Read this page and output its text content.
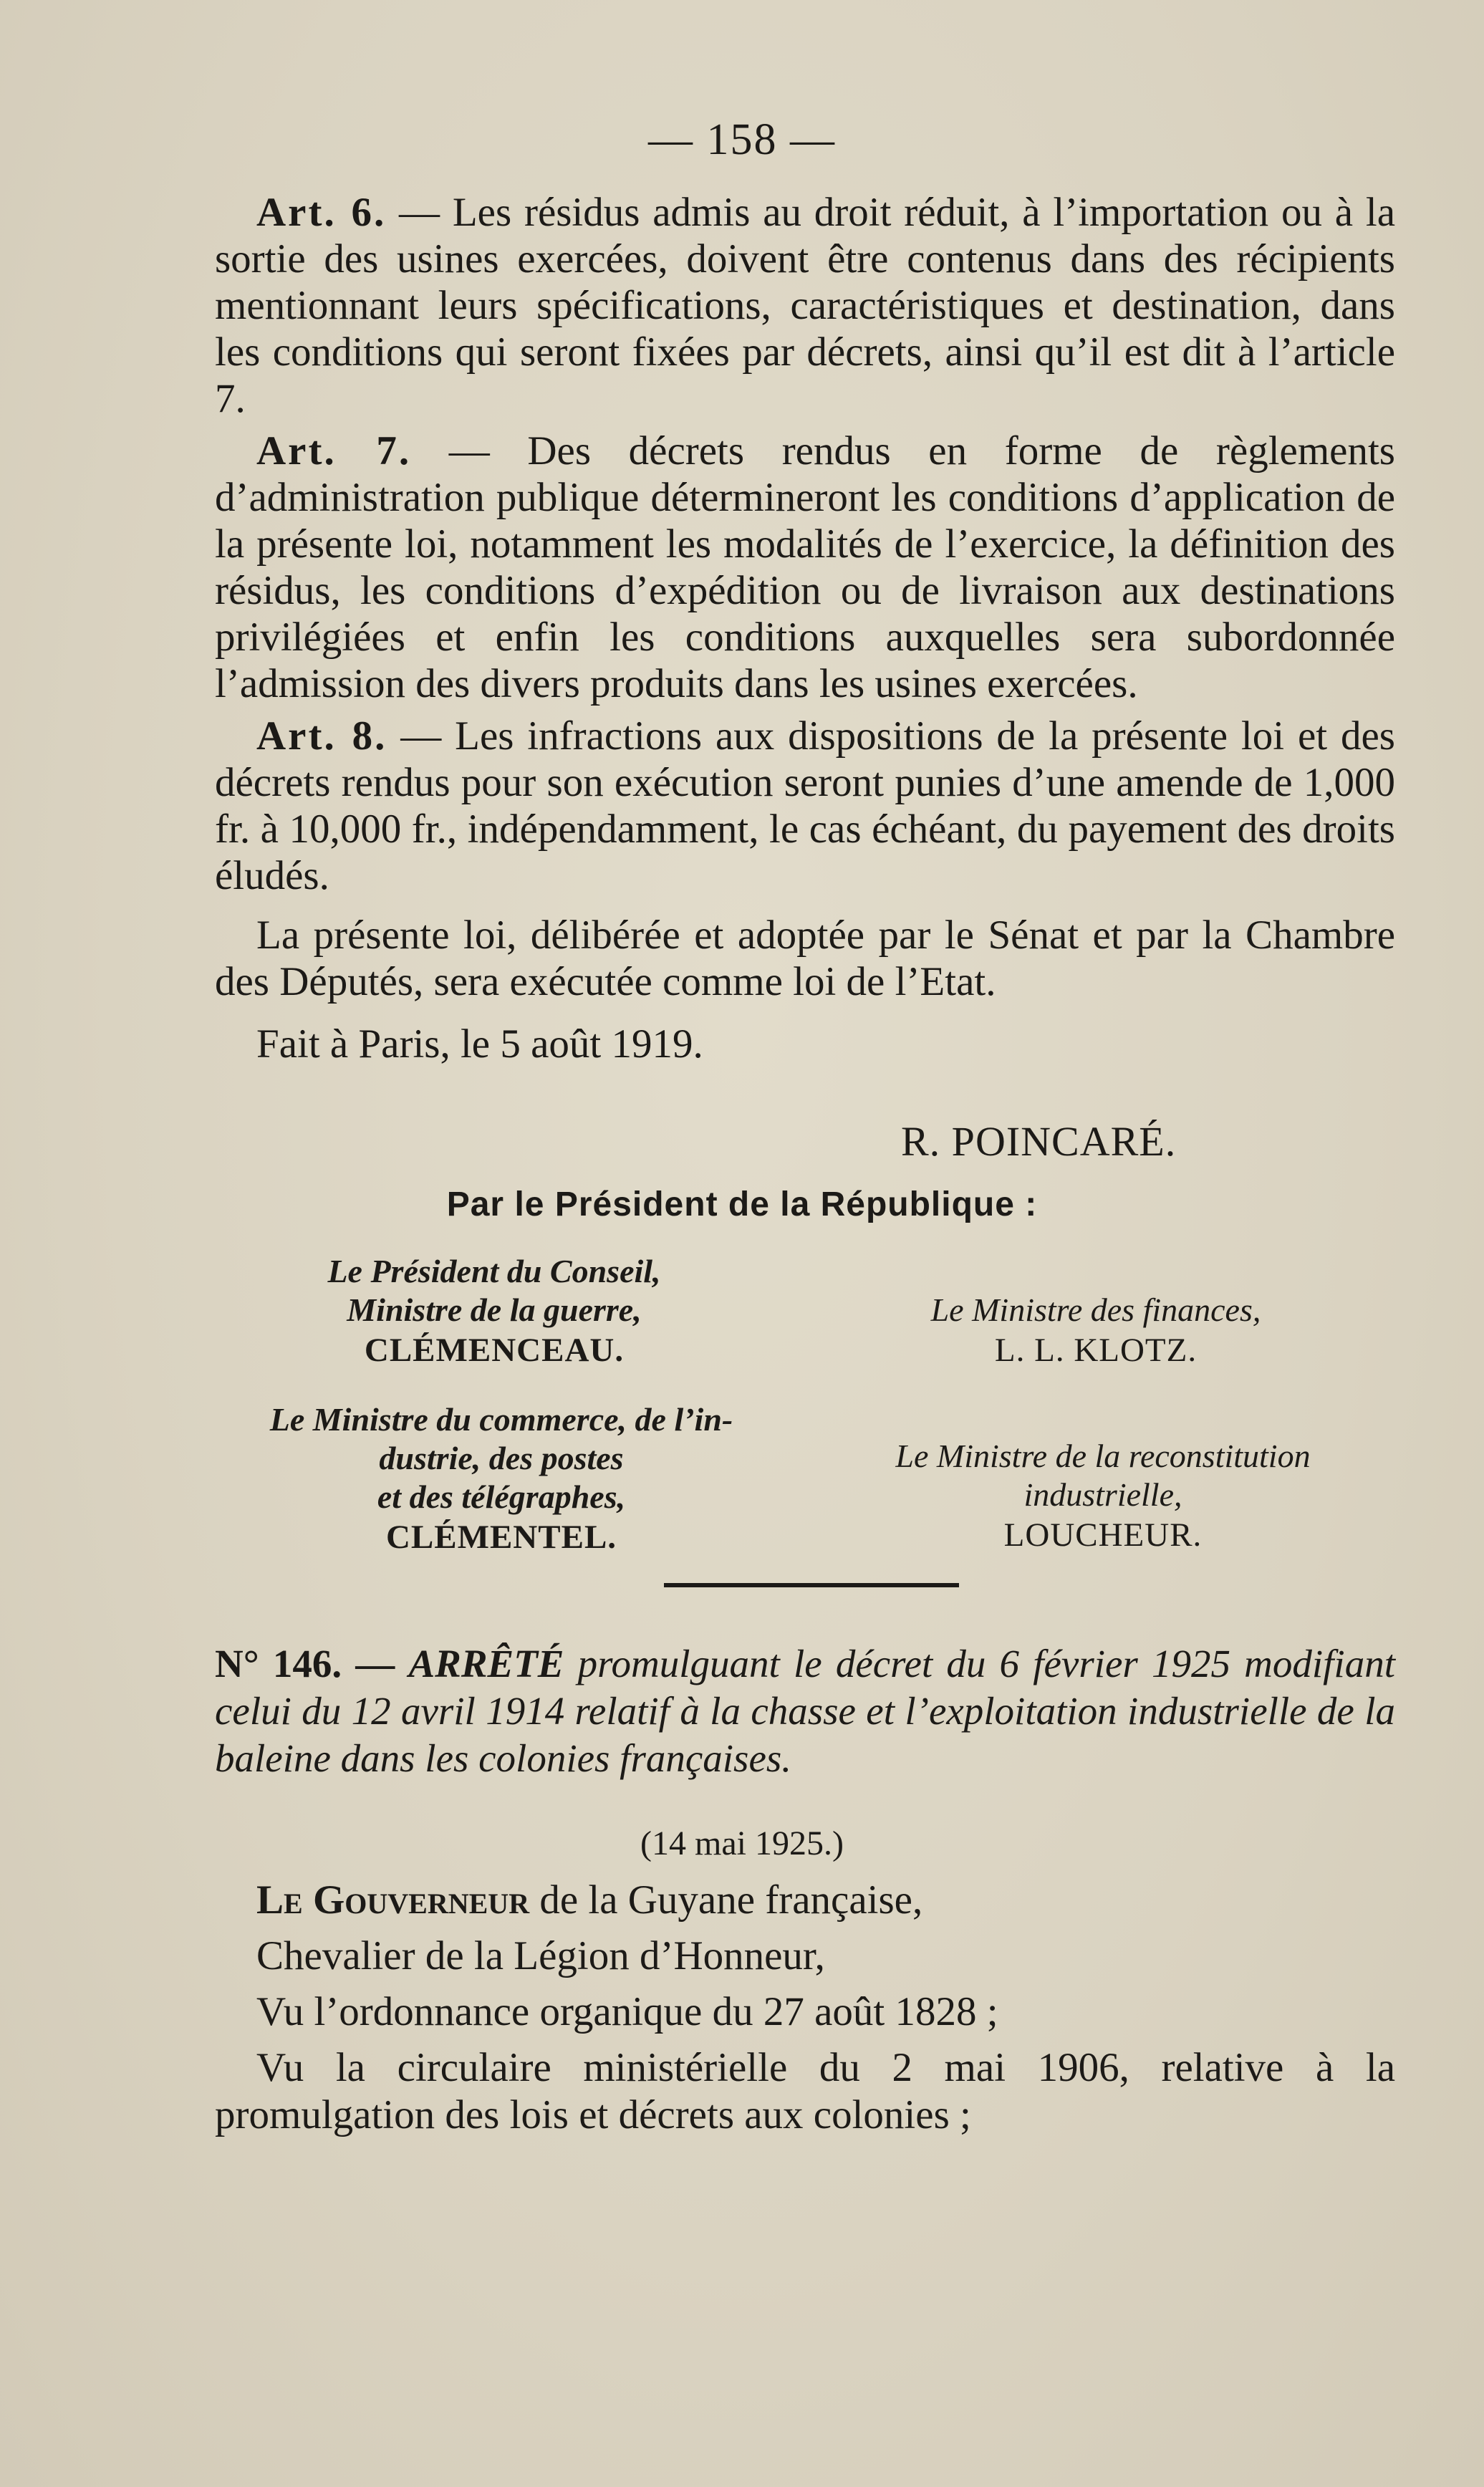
— 158 —

Art. 6. — Les résidus admis au droit réduit, à l’importation ou à la sortie des usines exercées, doivent être contenus dans des récipients mentionnant leurs spécifications, caractéristiques et destination, dans les conditions qui seront fixées par décrets, ainsi qu’il est dit à l’article 7.

Art. 7. — Des décrets rendus en forme de règlements d’administration publique détermineront les conditions d’application de la présente loi, notamment les modalités de l’exercice, la définition des résidus, les conditions d’expédition ou de livraison aux destinations privilégiées et enfin les conditions auxquelles sera subordonnée l’admission des divers produits dans les usines exercées.

Art. 8. — Les infractions aux dispositions de la présente loi et des décrets rendus pour son exécution seront punies d’une amende de 1,000 fr. à 10,000 fr., indépendamment, le cas échéant, du payement des droits éludés.

La présente loi, délibérée et adoptée par le Sénat et par la Chambre des Députés, sera exécutée comme loi de l’Etat.

Fait à Paris, le 5 août 1919.

R. POINCARÉ.
Par le Président de la République :
Le Président du Conseil,
Ministre de la guerre,
CLÉMENCEAU.
Le Ministre des finances,
L. L. KLOTZ.
Le Ministre du commerce, de l’in-
dustrie, des postes
et des télégraphes,
CLÉMENTEL.
Le Ministre de la reconstitution
industrielle,
LOUCHEUR.
N° 146. — ARRÊTÉ promulguant le décret du 6 février 1925 modifiant celui du 12 avril 1914 relatif à la chasse et l’exploitation industrielle de la baleine dans les colonies françaises.
(14 mai 1925.)

Le Gouverneur de la Guyane française,

Chevalier de la Légion d’Honneur,

Vu l’ordonnance organique du 27 août 1828 ;

Vu la circulaire ministérielle du 2 mai 1906, relative à la promulgation des lois et décrets aux colonies ;
